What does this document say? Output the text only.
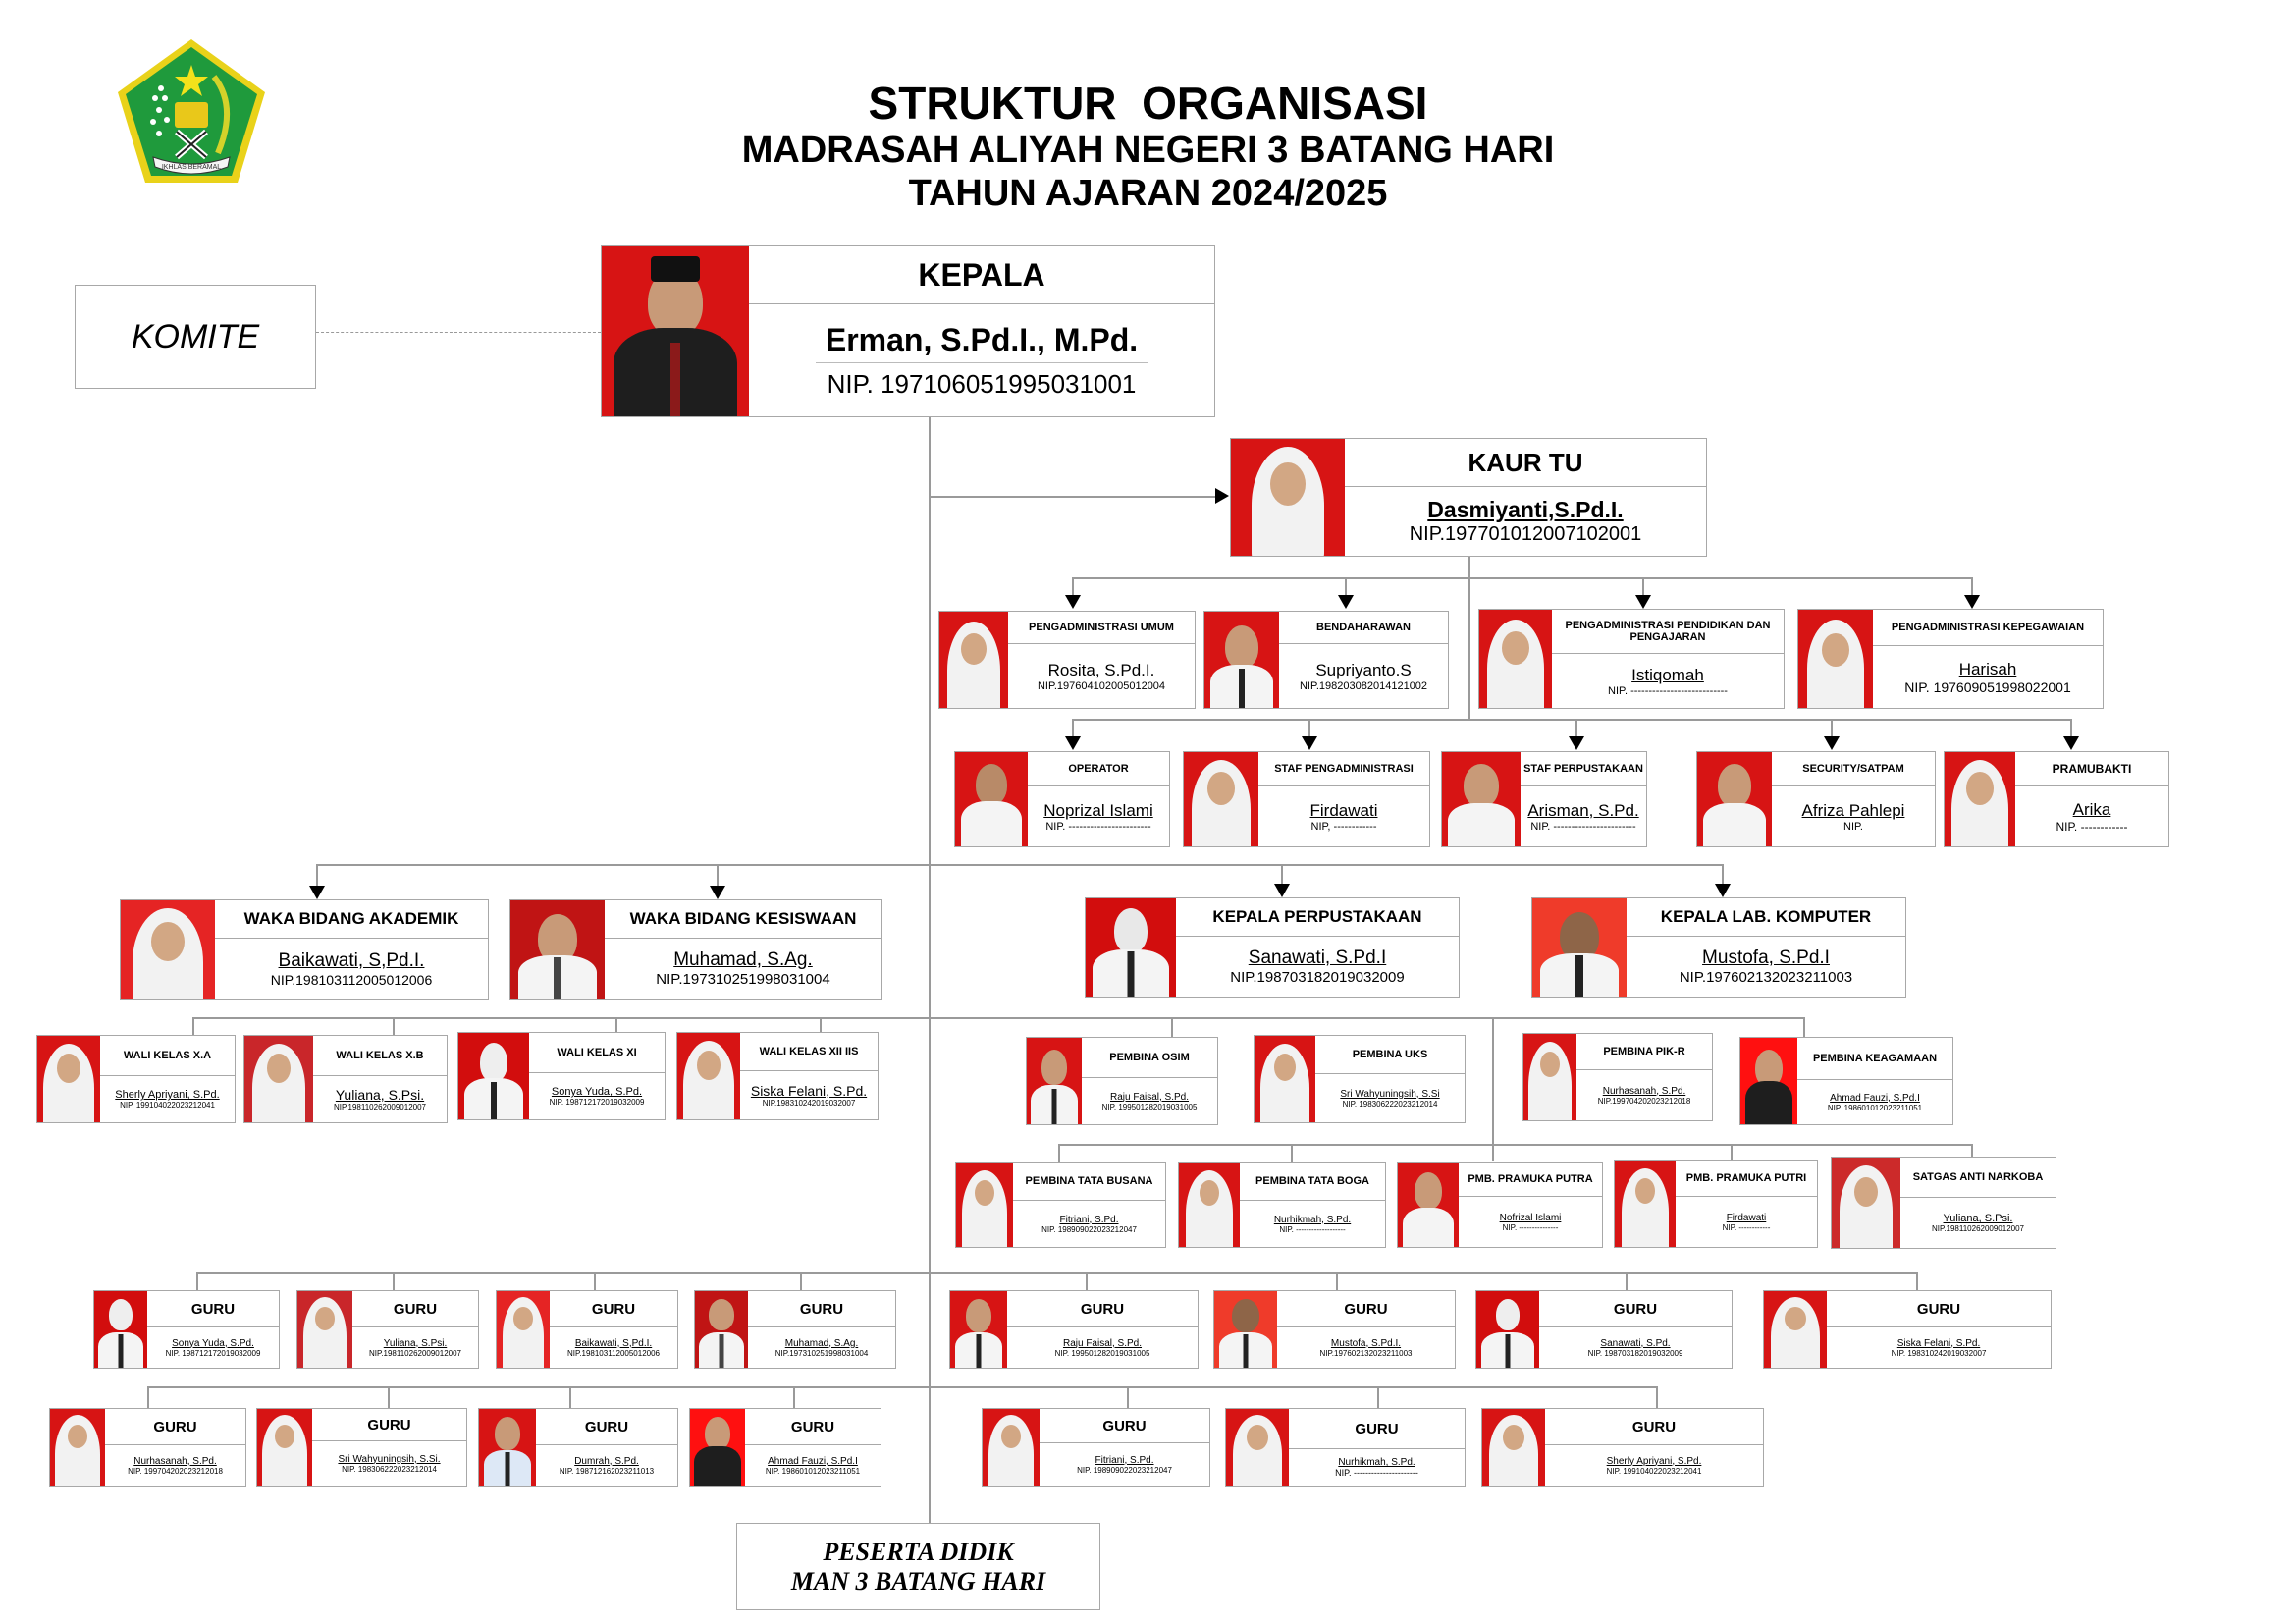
IKHLAS BERAMAL
STRUKTUR  ORGANISASI
MADRASAH ALIYAH NEGERI 3 BATANG HARI
TAHUN AJARAN 2024/2025
KOMITE
KEPALA
Erman, S.Pd.I., M.Pd.
NIP. 197106051995031001
KAUR TU
Dasmiyanti,S.Pd.I.
NIP.197701012007102001
PENGADMINISTRASI UMUM
Rosita, S.Pd.I.
NIP.197604102005012004
BENDAHARAWAN
Supriyanto.S
NIP.198203082014121002
PENGADMINISTRASI PENDIDIKAN DAN PENGAJARAN
Istiqomah
NIP. ---------------------------
PENGADMINISTRASI KEPEGAWAIAN
Harisah
NIP. 197609051998022001
OPERATOR
Noprizal Islami
NIP. -----------------------
STAF PENGADMINISTRASI
Firdawati
NIP, ------------
STAF PERPUSTAKAAN
Arisman, S.Pd.
NIP. -----------------------
SECURITY/SATPAM
Afriza Pahlepi
NIP.
PRAMUBAKTI
Arika
NIP. ------------
WAKA BIDANG AKADEMIK
Baikawati, S,Pd.I.
NIP.198103112005012006
WAKA BIDANG KESISWAAN
Muhamad, S.Ag.
NIP.197310251998031004
KEPALA PERPUSTAKAAN
Sanawati, S.Pd.I
NIP.198703182019032009
KEPALA LAB. KOMPUTER
Mustofa, S.Pd.I
NIP.197602132023211003
WALI KELAS X.A
Sherly Apriyani, S.Pd.
NIP. 199104022023212041
WALI KELAS X.B
Yuliana, S.Psi.
NIP.198110262009012007
WALI KELAS XI
Sonya Yuda, S.Pd.
NIP. 198712172019032009
WALI KELAS XII IIS
Siska Felani, S.Pd.
NIP.198310242019032007
PEMBINA OSIM
Raju Faisal, S.Pd.
NIP. 199501282019031005
PEMBINA UKS
Sri Wahyuningsih, S.Si
NIP. 198306222023212014
PEMBINA PIK-R
Nurhasanah, S.Pd.
NIP.199704202023212018
PEMBINA KEAGAMAAN
Ahmad Fauzi, S.Pd.I
NIP. 198601012023211051
PEMBINA TATA BUSANA
Fitriani, S.Pd.
NIP. 198909022023212047
PEMBINA TATA BOGA
Nurhikmah, S.Pd.
NIP. -------------------
PMB. PRAMUKA PUTRA
Nofrizal Islami
NIP. ---------------
PMB. PRAMUKA PUTRI
Firdawati
NIP. ------------
SATGAS ANTI NARKOBA
Yuliana, S.Psi.
NIP.198110262009012007
GURU
Sonya Yuda, S.Pd.
NIP. 198712172019032009
GURU
Yuliana, S.Psi.
NIP.198110262009012007
GURU
Baikawati, S,Pd.I.
NIP.198103112005012006
GURU
Muhamad, S.Ag.
NIP.197310251998031004
GURU
Raju Faisal, S.Pd.
NIP. 199501282019031005
GURU
Mustofa, S.Pd.I.
NIP.197602132023211003
GURU
Sanawati, S.Pd.
NIP. 198703182019032009
GURU
Siska Felani, S.Pd.
NIP. 198310242019032007
GURU
Nurhasanah, S.Pd.
NIP. 199704202023212018
GURU
Sri Wahyuningsih, S.Si.
NIP. 198306222023212014
GURU
Dumrah, S.Pd.
NIP. 198712162023211013
GURU
Ahmad Fauzi, S.Pd.I
NIP. 198601012023211051
GURU
Fitriani, S.Pd.
NIP. 198909022023212047
GURU
Nurhikmah, S.Pd.
NIP. ----------------------
GURU
Sherly Apriyani, S.Pd.
NIP. 199104022023212041
PESERTA DIDIK
MAN 3 BATANG HARI
